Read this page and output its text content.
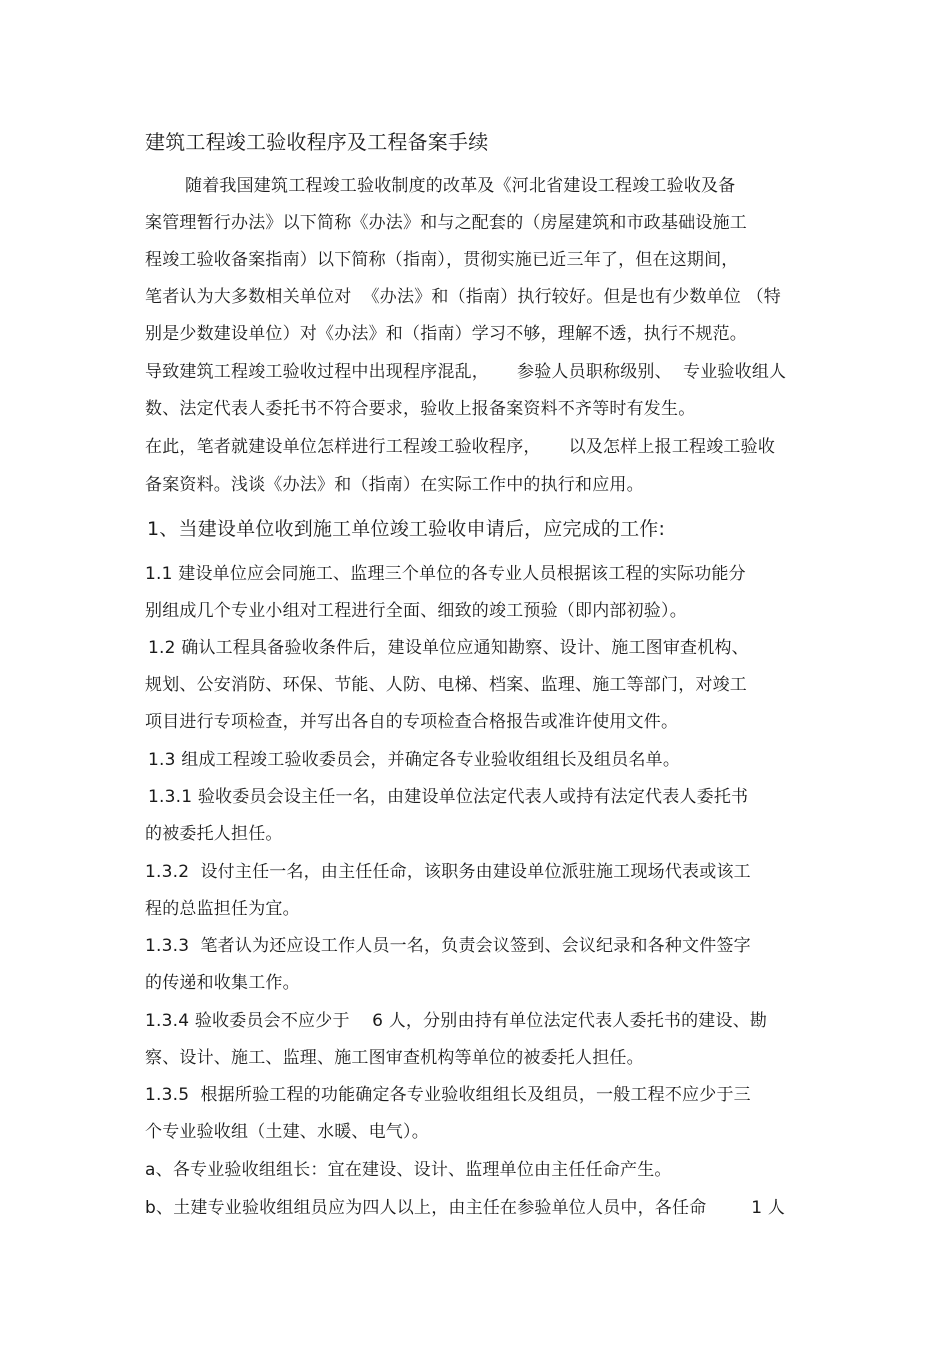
建筑工程竣工验收程序及工程备案手续
随着我国建筑工程竣工验收制度的改革及《河北省建设工程竣工验收及备
案管理暂行办法》以下简称《办法》和与之配套的（房屋建筑和市政基础设施工
程竣工验收备案指南）以下简称（指南），贯彻实施已近三年了，但在这期间，
笔者认为大多数相关单位对  《办法》和（指南）执行较好。但是也有少数单位 （特
别是少数建设单位）对《办法》和（指南）学习不够，理解不透，执行不规范。
导致建筑工程竣工验收过程中出现程序混乱，     参验人员职称级别、  专业验收组人
数、法定代表人委托书不符合要求，验收上报备案资料不齐等时有发生。
在此，笔者就建设单位怎样进行工程竣工验收程序，     以及怎样上报工程竣工验收
备案资料。浅谈《办法》和（指南）在实际工作中的执行和应用。
1、当建设单位收到施工单位竣工验收申请后，应完成的工作:
1.1 建设单位应会同施工、监理三个单位的各专业人员根据该工程的实际功能分
别组成几个专业小组对工程进行全面、细致的竣工预验（即内部初验）。
1.2 确认工程具备验收条件后，建设单位应通知勘察、设计、施工图审查机构、
规划、公安消防、环保、节能、人防、电梯、档案、监理、施工等部门，对竣工
项目进行专项检查，并写出各自的专项检查合格报告或准许使用文件。
1.3 组成工程竣工验收委员会，并确定各专业验收组组长及组员名单。
1.3.1 验收委员会设主任一名，由建设单位法定代表人或持有法定代表人委托书
的被委托人担任。
1.3.2  设付主任一名，由主任任命，该职务由建设单位派驻施工现场代表或该工
程的总监担任为宜。
1.3.3  笔者认为还应设工作人员一名，负责会议签到、会议纪录和各种文件签字
的传递和收集工作。
1.3.4 验收委员会不应少于    6 人，分别由持有单位法定代表人委托书的建设、勘
察、设计、施工、监理、施工图审查机构等单位的被委托人担任。
1.3.5  根据所验工程的功能确定各专业验收组组长及组员，一般工程不应少于三
个专业验收组（土建、水暖、电气）。
a、各专业验收组组长：宜在建设、设计、监理单位由主任任命产生。
b、土建专业验收组组员应为四人以上，由主任在参验单位人员中，各任命        1 人
